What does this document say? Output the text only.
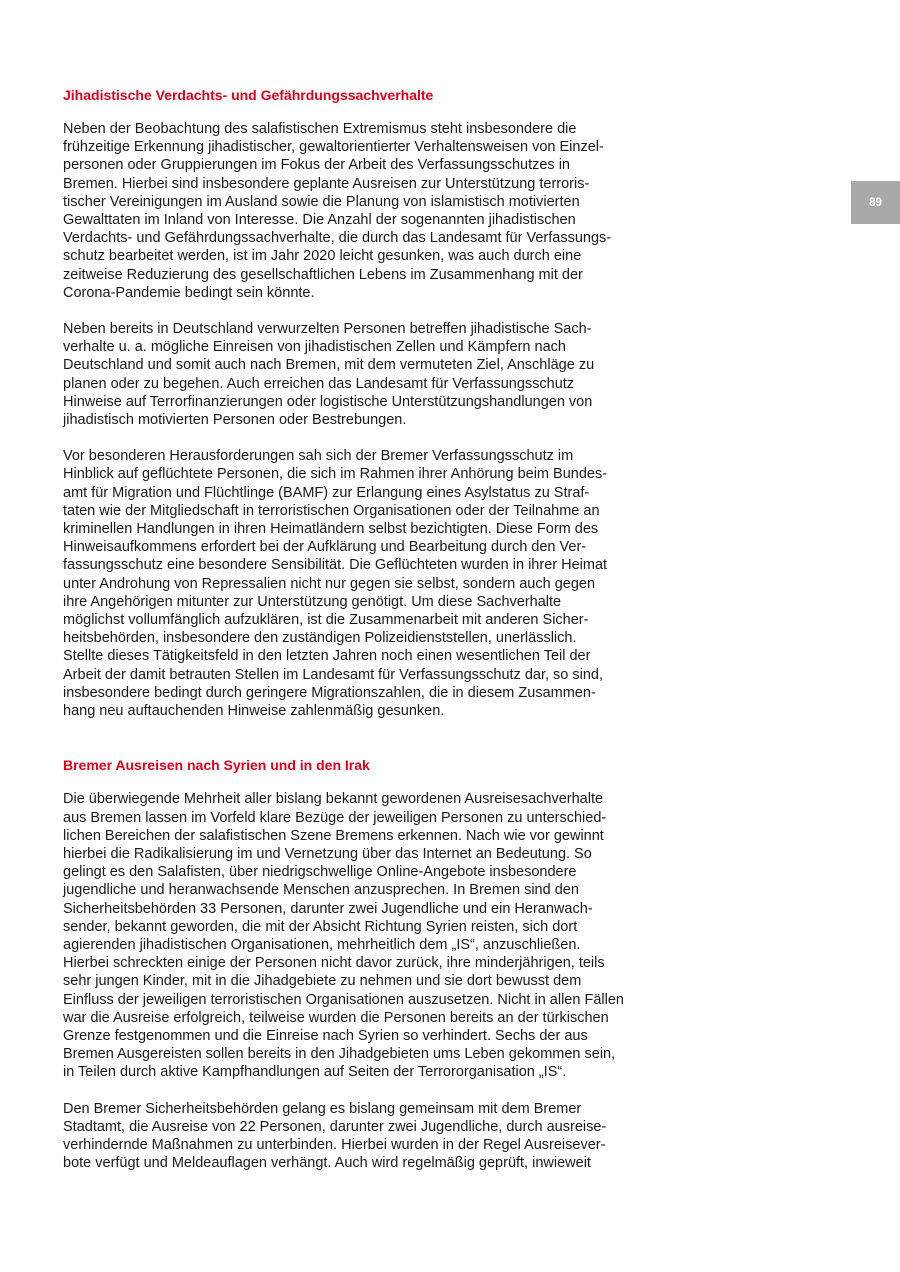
Jihadistische Verdachts- und Gefährdungssachverhalte
Neben der Beobachtung des salafistischen Extremismus steht insbesondere die
frühzeitige Erkennung jihadistischer, gewaltorientierter Verhaltensweisen von Einzel-
personen oder Gruppierungen im Fokus der Arbeit des Verfassungsschutzes in
Bremen. Hierbei sind insbesondere geplante Ausreisen zur Unterstützung terroris-
tischer Vereinigungen im Ausland sowie die Planung von islamistisch motivierten
Gewalttaten im Inland von Interesse. Die Anzahl der sogenannten jihadistischen
Verdachts- und Gefährdungssachverhalte, die durch das Landesamt für Verfassungs-
schutz bearbeitet werden, ist im Jahr 2020 leicht gesunken, was auch durch eine
zeitweise Reduzierung des gesellschaftlichen Lebens im Zusammenhang mit der
Corona-Pandemie bedingt sein könnte.
Neben bereits in Deutschland verwurzelten Personen betreffen jihadistische Sach-
verhalte u. a. mögliche Einreisen von jihadistischen Zellen und Kämpfern nach
Deutschland und somit auch nach Bremen, mit dem vermuteten Ziel, Anschläge zu
planen oder zu begehen. Auch erreichen das Landesamt für Verfassungsschutz
Hinweise auf Terrorfinanzierungen oder logistische Unterstützungshandlungen von
jihadistisch motivierten Personen oder Bestrebungen.
Vor besonderen Herausforderungen sah sich der Bremer Verfassungsschutz im
Hinblick auf geflüchtete Personen, die sich im Rahmen ihrer Anhörung beim Bundes-
amt für Migration und Flüchtlinge (BAMF) zur Erlangung eines Asylstatus zu Straf-
taten wie der Mitgliedschaft in terroristischen Organisationen oder der Teilnahme an
kriminellen Handlungen in ihren Heimatländern selbst bezichtigten. Diese Form des
Hinweisaufkommens erfordert bei der Aufklärung und Bearbeitung durch den Ver-
fassungsschutz eine besondere Sensibilität. Die Geflüchteten wurden in ihrer Heimat
unter Androhung von Repressalien nicht nur gegen sie selbst, sondern auch gegen
ihre Angehörigen mitunter zur Unterstützung genötigt. Um diese Sachverhalte
möglichst vollumfänglich aufzuklären, ist die Zusammenarbeit mit anderen Sicher-
heitsbehörden, insbesondere den zuständigen Polizeidienststellen, unerlässlich.
Stellte dieses Tätigkeitsfeld in den letzten Jahren noch einen wesentlichen Teil der
Arbeit der damit betrauten Stellen im Landesamt für Verfassungsschutz dar, so sind,
insbesondere bedingt durch geringere Migrationszahlen, die in diesem Zusammen-
hang neu auftauchenden Hinweise zahlenmäßig gesunken.
Bremer Ausreisen nach Syrien und in den Irak
Die überwiegende Mehrheit aller bislang bekannt gewordenen Ausreisesachverhalte
aus Bremen lassen im Vorfeld klare Bezüge der jeweiligen Personen zu unterschied-
lichen Bereichen der salafistischen Szene Bremens erkennen. Nach wie vor gewinnt
hierbei die Radikalisierung im und Vernetzung über das Internet an Bedeutung. So
gelingt es den Salafisten, über niedrigschwellige Online-Angebote insbesondere
jugendliche und heranwachsende Menschen anzusprechen. In Bremen sind den
Sicherheitsbehörden 33 Personen, darunter zwei Jugendliche und ein Heranwach-
sender, bekannt geworden, die mit der Absicht Richtung Syrien reisten, sich dort
agierenden jihadistischen Organisationen, mehrheitlich dem „IS“, anzuschließen.
Hierbei schreckten einige der Personen nicht davor zurück, ihre minderjährigen, teils
sehr jungen Kinder, mit in die Jihadgebiete zu nehmen und sie dort bewusst dem
Einfluss der jeweiligen terroristischen Organisationen auszusetzen. Nicht in allen Fällen
war die Ausreise erfolgreich, teilweise wurden die Personen bereits an der türkischen
Grenze festgenommen und die Einreise nach Syrien so verhindert. Sechs der aus
Bremen Ausgereisten sollen bereits in den Jihadgebieten ums Leben gekommen sein,
in Teilen durch aktive Kampfhandlungen auf Seiten der Terrororganisation „IS“.
Den Bremer Sicherheitsbehörden gelang es bislang gemeinsam mit dem Bremer
Stadtamt, die Ausreise von 22 Personen, darunter zwei Jugendliche, durch ausreise-
verhindernde Maßnahmen zu unterbinden. Hierbei wurden in der Regel Ausreisever-
bote verfügt und Meldeauflagen verhängt. Auch wird regelmäßig geprüft, inwieweit
89
